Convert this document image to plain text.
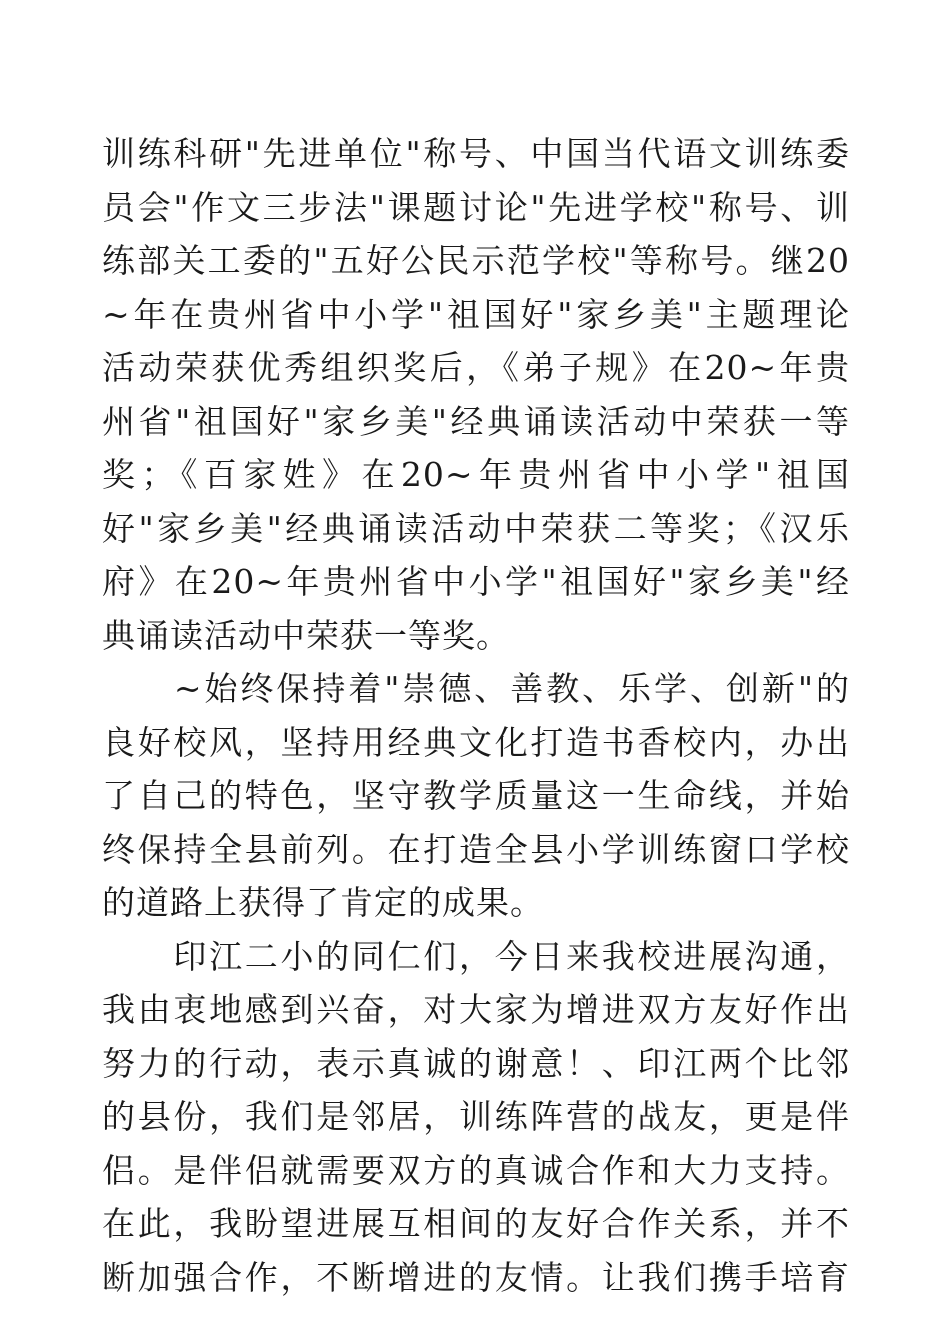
训练科研"先进单位"称号、中国当代语文训练委
员会"作文三步法"课题讨论"先进学校"称号、训
练部关工委的"五好公民示范学校"等称号。继20
~年在贵州省中小学"祖国好"家乡美"主题理论
活动荣获优秀组织奖后，《弟子规》在20~年贵
州省"祖国好"家乡美"经典诵读活动中荣获一等
奖；《百家姓》在20~年贵州省中小学"祖国
好"家乡美"经典诵读活动中荣获二等奖；《汉乐
府》在20~年贵州省中小学"祖国好"家乡美"经
典诵读活动中荣获一等奖。
　　~始终保持着"崇德、善教、乐学、创新"的
良好校风，坚持用经典文化打造书香校内，办出
了自己的特色，坚守教学质量这一生命线，并始
终保持全县前列。在打造全县小学训练窗口学校
的道路上获得了肯定的成果。
　　印江二小的同仁们，今日来我校进展沟通，
我由衷地感到兴奋，对大家为增进双方友好作出
努力的行动，表示真诚的谢意！、印江两个比邻
的县份，我们是邻居，训练阵营的战友，更是伴
侣。是伴侣就需要双方的真诚合作和大力支持。
在此，我盼望进展互相间的友好合作关系，并不
断加强合作，不断增进的友情。让我们携手培育
